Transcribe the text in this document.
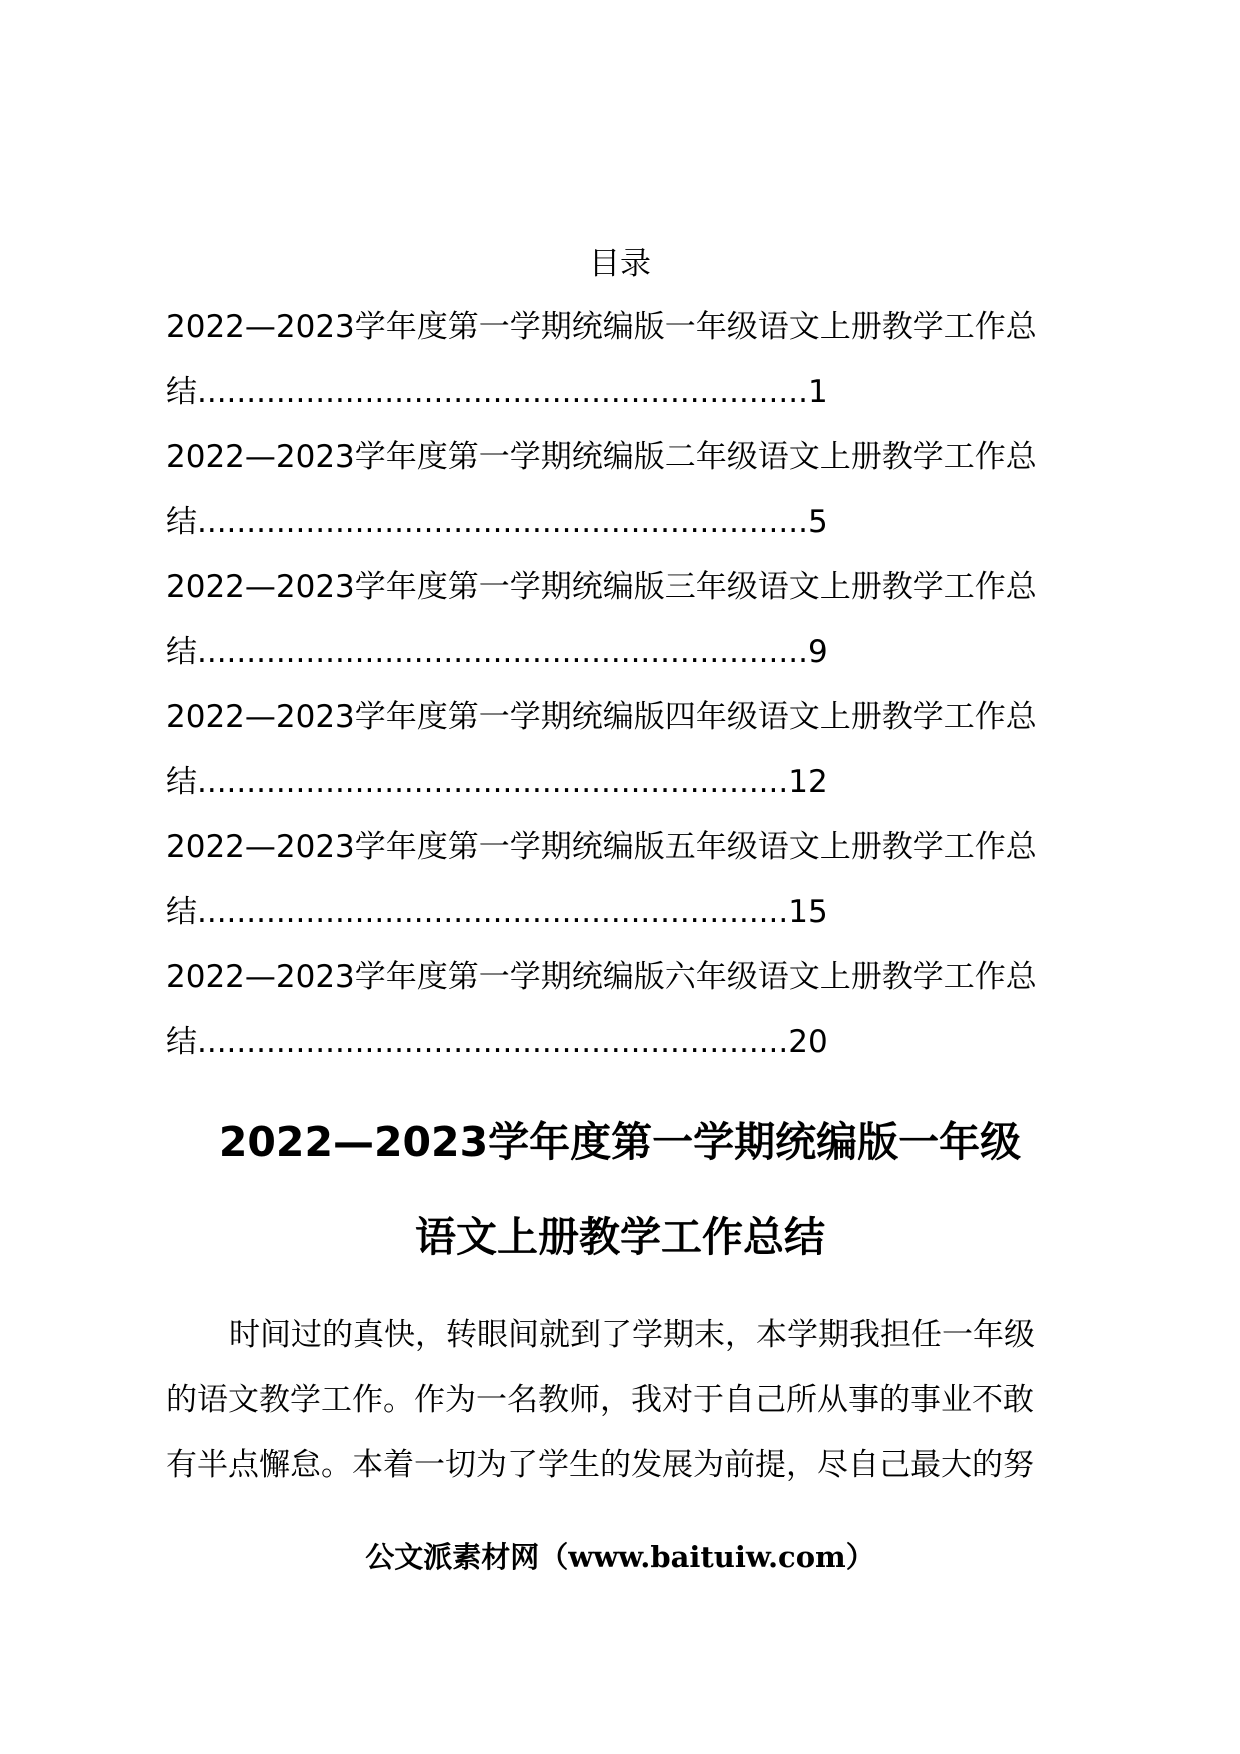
目录
2022—2023学年度第一学期统编版一年级语文上册教学工作总
结..............................................................1
2022—2023学年度第一学期统编版二年级语文上册教学工作总
结..............................................................5
2022—2023学年度第一学期统编版三年级语文上册教学工作总
结..............................................................9
2022—2023学年度第一学期统编版四年级语文上册教学工作总
结............................................................12
2022—2023学年度第一学期统编版五年级语文上册教学工作总
结............................................................15
2022—2023学年度第一学期统编版六年级语文上册教学工作总
结............................................................20
2022—2023学年度第一学期统编版一年级
语文上册教学工作总结
时间过的真快，转眼间就到了学期末，本学期我担任一年级
的语文教学工作。作为一名教师，我对于自己所从事的事业不敢
有半点懈怠。本着一切为了学生的发展为前提，尽自己最大的努
公文派素材网（www.baituiw.com）
